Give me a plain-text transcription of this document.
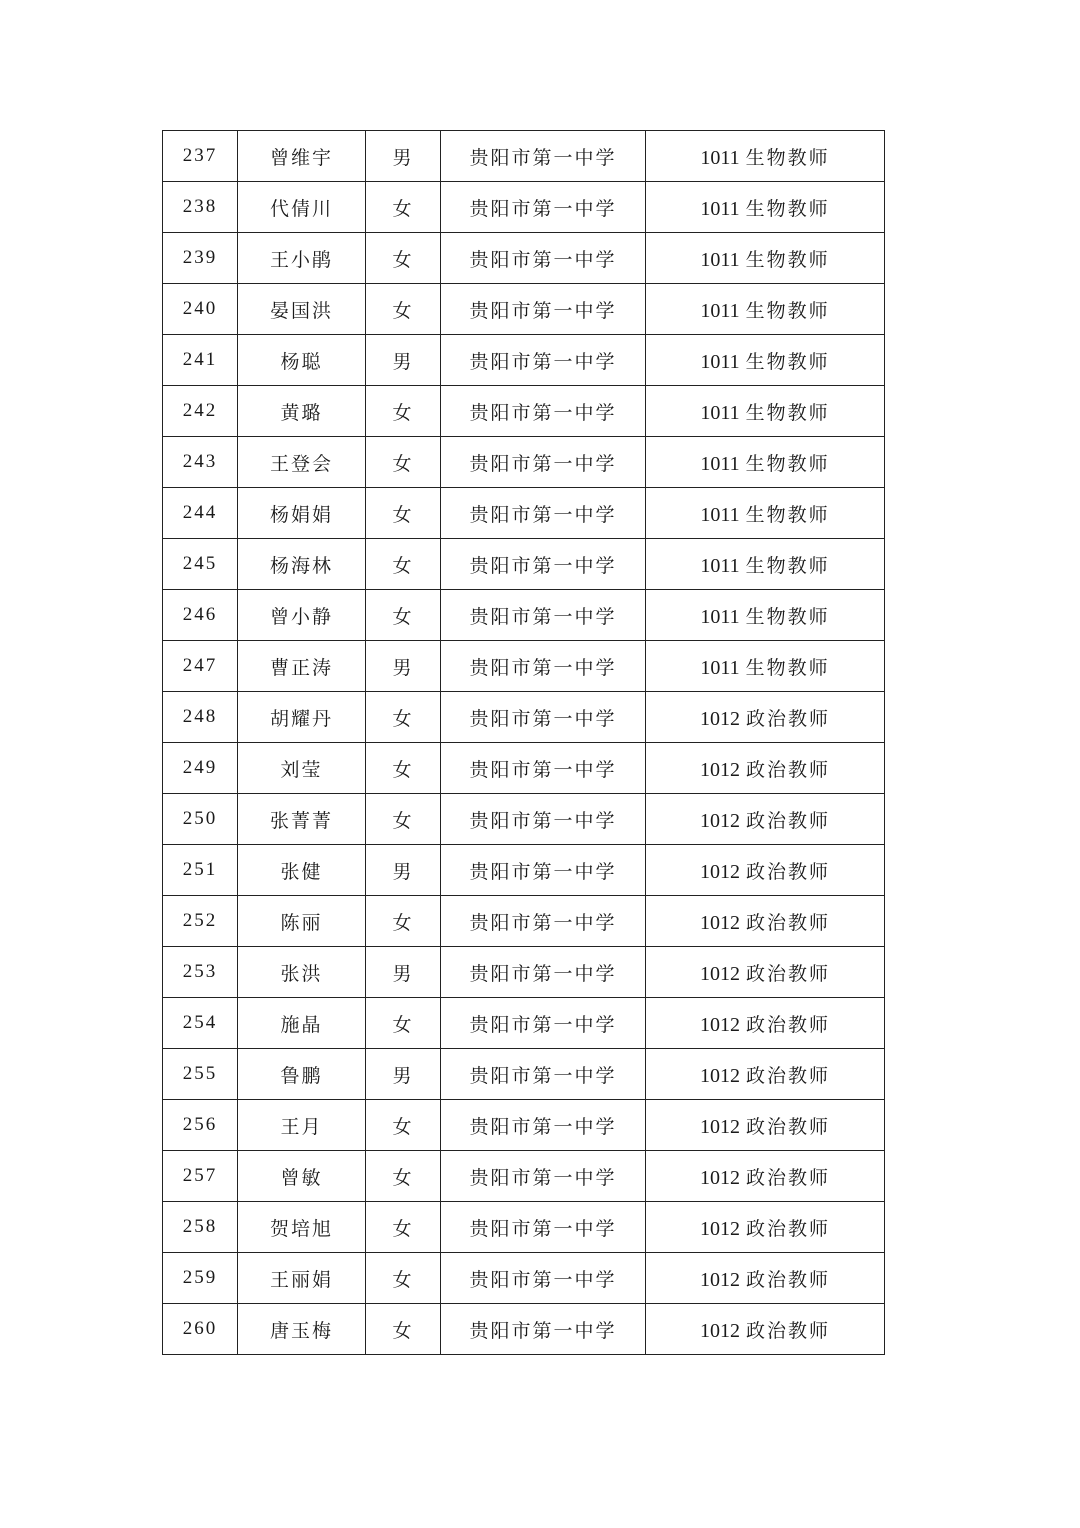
237	曾维宇	男	贵阳市第一中学	1011 生物教师
238	代倩川	女	贵阳市第一中学	1011 生物教师
239	王小鹃	女	贵阳市第一中学	1011 生物教师
240	晏国洪	女	贵阳市第一中学	1011 生物教师
241	杨聪	男	贵阳市第一中学	1011 生物教师
242	黄璐	女	贵阳市第一中学	1011 生物教师
243	王登会	女	贵阳市第一中学	1011 生物教师
244	杨娟娟	女	贵阳市第一中学	1011 生物教师
245	杨海林	女	贵阳市第一中学	1011 生物教师
246	曾小静	女	贵阳市第一中学	1011 生物教师
247	曹正涛	男	贵阳市第一中学	1011 生物教师
248	胡耀丹	女	贵阳市第一中学	1012 政治教师
249	刘莹	女	贵阳市第一中学	1012 政治教师
250	张菁菁	女	贵阳市第一中学	1012 政治教师
251	张健	男	贵阳市第一中学	1012 政治教师
252	陈丽	女	贵阳市第一中学	1012 政治教师
253	张洪	男	贵阳市第一中学	1012 政治教师
254	施晶	女	贵阳市第一中学	1012 政治教师
255	鲁鹏	男	贵阳市第一中学	1012 政治教师
256	王月	女	贵阳市第一中学	1012 政治教师
257	曾敏	女	贵阳市第一中学	1012 政治教师
258	贺培旭	女	贵阳市第一中学	1012 政治教师
259	王丽娟	女	贵阳市第一中学	1012 政治教师
260	唐玉梅	女	贵阳市第一中学	1012 政治教师
